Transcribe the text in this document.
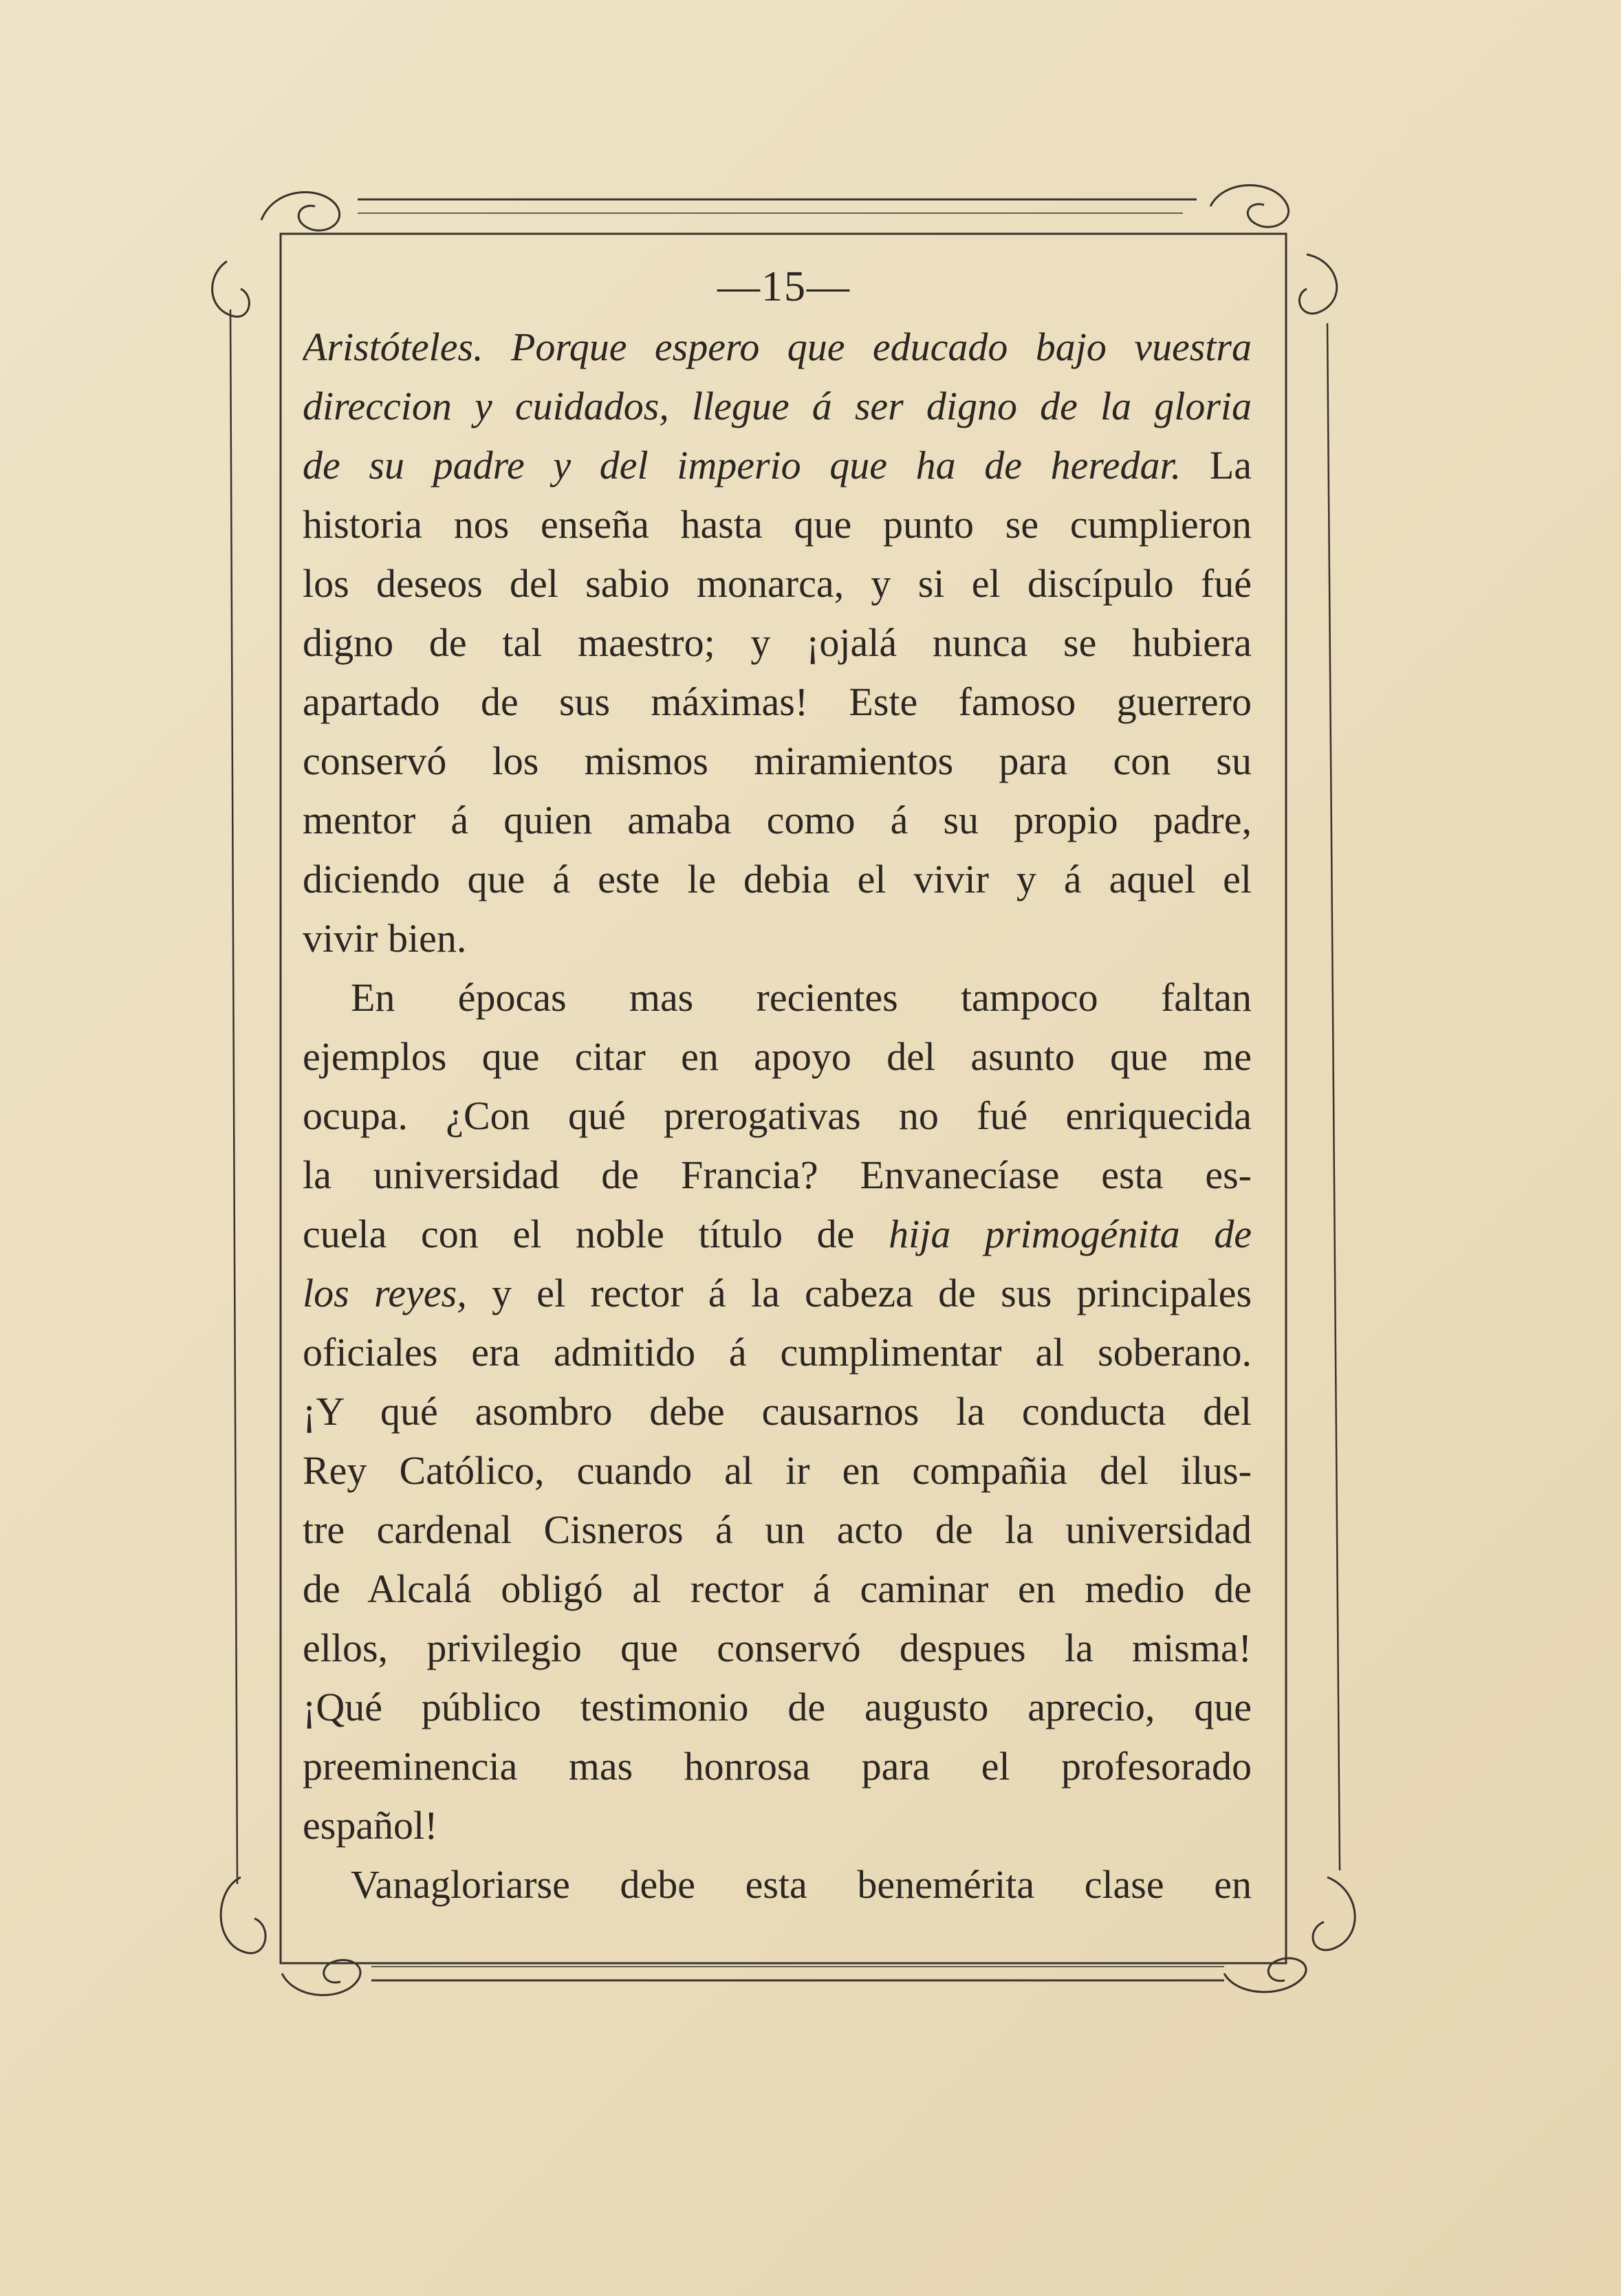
—15—
Aristóteles. Porque espero que educado bajo vuestra
direccion y cuidados, llegue á ser digno de la gloria
de su padre y del imperio que ha de heredar. La
historia nos enseña hasta que punto se cumplieron
los deseos del sabio monarca, y si el discípulo fué
digno de tal maestro; y ¡ojalá nunca se hubiera
apartado de sus máximas! Este famoso guerrero
conservó los mismos miramientos para con su
mentor á quien amaba como á su propio padre,
diciendo que á este le debia el vivir y á aquel el
vivir bien.
En épocas mas recientes tampoco faltan
ejemplos que citar en apoyo del asunto que me
ocupa. ¿Con qué prerogativas no fué enriquecida
la universidad de Francia? Envanecíase esta es-
cuela con el noble título de hija primogénita de
los reyes, y el rector á la cabeza de sus principales
oficiales era admitido á cumplimentar al soberano.
¡Y qué asombro debe causarnos la conducta del
Rey Católico, cuando al ir en compañia del ilus-
tre cardenal Cisneros á un acto de la universidad
de Alcalá obligó al rector á caminar en medio de
ellos, privilegio que conservó despues la misma!
¡Qué público testimonio de augusto aprecio, que
preeminencia mas honrosa para el profesorado
español!
Vanagloriarse debe esta benemérita clase en
